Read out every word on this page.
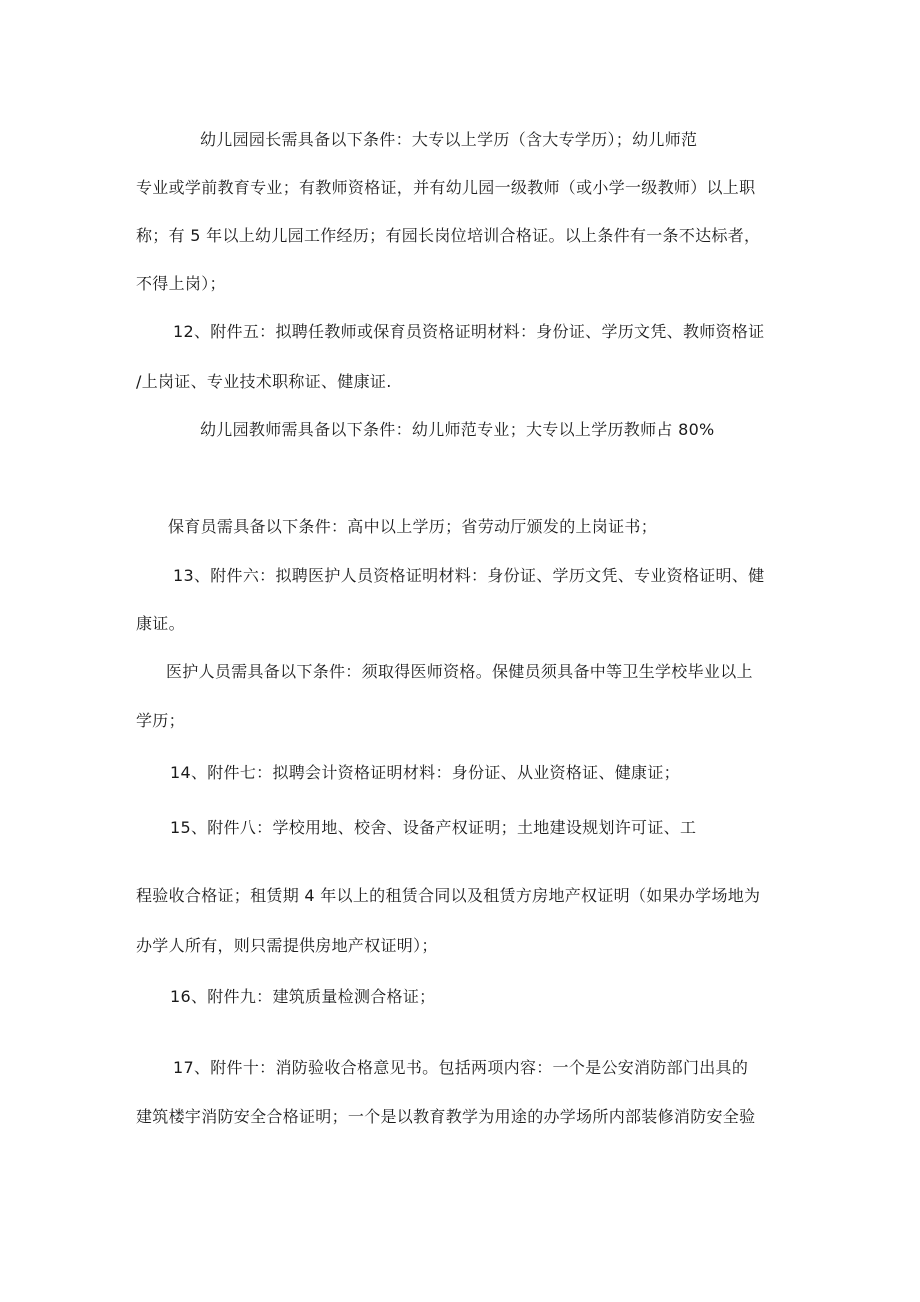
幼儿园园长需具备以下条件：大专以上学历（含大专学历）；幼儿师范
专业或学前教育专业；有教师资格证，并有幼儿园一级教师（或小学一级教师）以上职
称；有 5 年以上幼儿园工作经历；有园长岗位培训合格证。以上条件有一条不达标者，
不得上岗）；
12、附件五：拟聘任教师或保育员资格证明材料：身份证、学历文凭、教师资格证
/上岗证、专业技术职称证、健康证.
幼儿园教师需具备以下条件：幼儿师范专业；大专以上学历教师占 80%
保育员需具备以下条件：高中以上学历；省劳动厅颁发的上岗证书；
13、附件六：拟聘医护人员资格证明材料：身份证、学历文凭、专业资格证明、健
康证。
医护人员需具备以下条件：须取得医师资格。保健员须具备中等卫生学校毕业以上
学历；
14、附件七：拟聘会计资格证明材料：身份证、从业资格证、健康证；
15、附件八：学校用地、校舍、设备产权证明；土地建设规划许可证、工
程验收合格证；租赁期 4 年以上的租赁合同以及租赁方房地产权证明（如果办学场地为
办学人所有，则只需提供房地产权证明）；
16、附件九：建筑质量检测合格证；
17、附件十：消防验收合格意见书。包括两项内容：一个是公安消防部门出具的
建筑楼宇消防安全合格证明；一个是以教育教学为用途的办学场所内部装修消防安全验
